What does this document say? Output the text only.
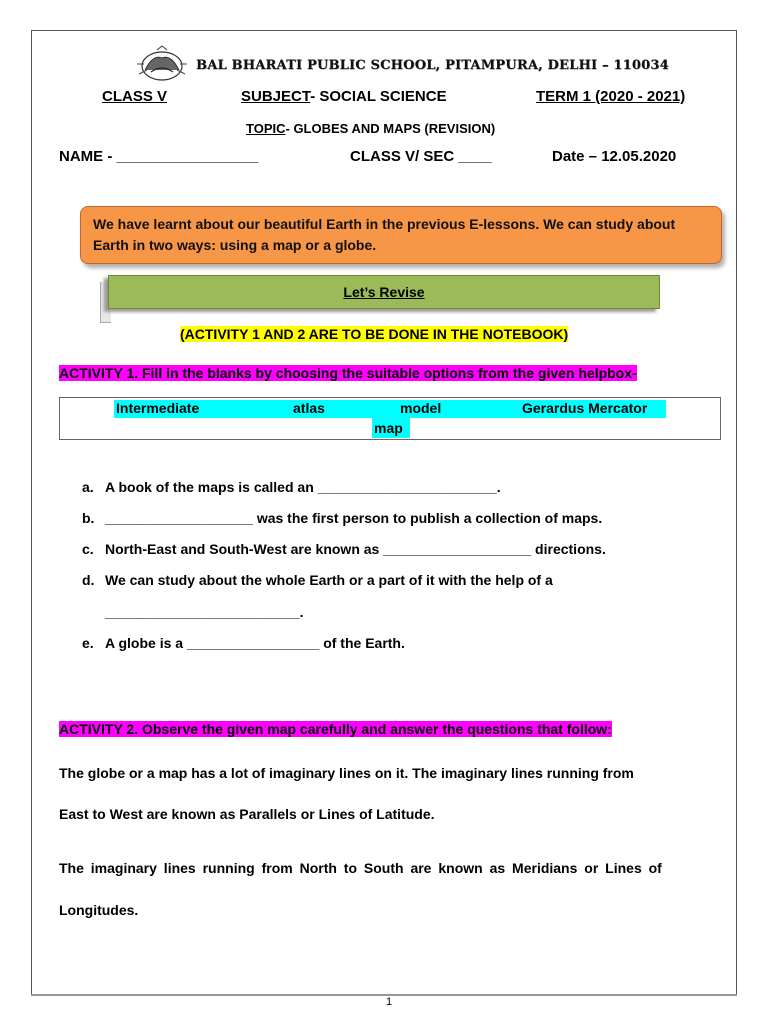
BAL BHARATI PUBLIC SCHOOL, PITAMPURA, DELHI – 110034
CLASS V	SUBJECT- SOCIAL SCIENCE	TERM 1 (2020 - 2021)
TOPIC- GLOBES AND MAPS (REVISION)
NAME - _________________	CLASS V/ SEC ____	Date – 12.05.2020
We have learnt about our beautiful Earth in the previous E-lessons. We can study about Earth in two ways: using a map or a globe.
Let’s Revise
(ACTIVITY 1 AND 2 ARE TO BE DONE IN THE NOTEBOOK)
ACTIVITY 1. Fill in the blanks by choosing the suitable options from the given helpbox-
Intermediate	atlas	model	Gerardus Mercator
map
a. A book of the maps is called an _______________________.
b. ___________________ was the first person to publish a collection of maps.
c. North-East and South-West are known as ___________________ directions.
d. We can study about the whole Earth or a part of it with the help of a
_________________________.
e. A globe is a _________________ of the Earth.
ACTIVITY 2. Observe the given map carefully and answer the questions that follow:
The globe or a map has a lot of imaginary lines on it. The imaginary lines running from
East to West are known as Parallels or Lines of Latitude.
The imaginary lines running from North to South are known as Meridians or Lines of
Longitudes.
1
